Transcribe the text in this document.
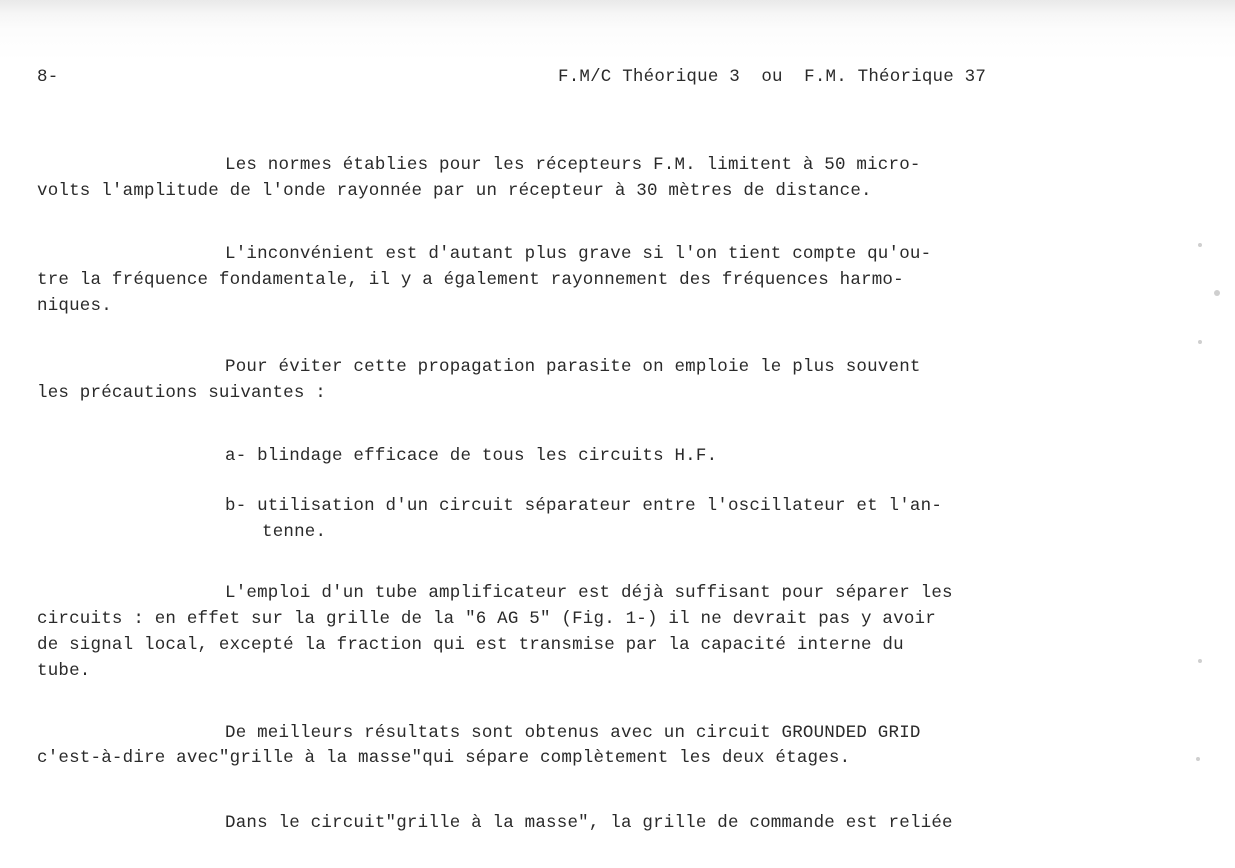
8-	F.M/C Théorique 3  ou  F.M. Théorique 37
Les normes établies pour les récepteurs F.M. limitent à 50 micro-
volts l'amplitude de l'onde rayonnée par un récepteur à 30 mètres de distance.
L'inconvénient est d'autant plus grave si l'on tient compte qu'ou-
tre la fréquence fondamentale, il y a également rayonnement des fréquences harmo-
niques.
Pour éviter cette propagation parasite on emploie le plus souvent
les précautions suivantes :
a- blindage efficace de tous les circuits H.F.
b- utilisation d'un circuit séparateur entre l'oscillateur et l'an-
tenne.
L'emploi d'un tube amplificateur est déjà suffisant pour séparer les
circuits : en effet sur la grille de la "6 AG 5" (Fig. 1-) il ne devrait pas y avoir
de signal local, excepté la fraction qui est transmise par la capacité interne du
tube.
De meilleurs résultats sont obtenus avec un circuit GROUNDED GRID
c'est-à-dire avec"grille à la masse"qui sépare complètement les deux étages.
Dans le circuit"grille à la masse", la grille de commande est reliée
